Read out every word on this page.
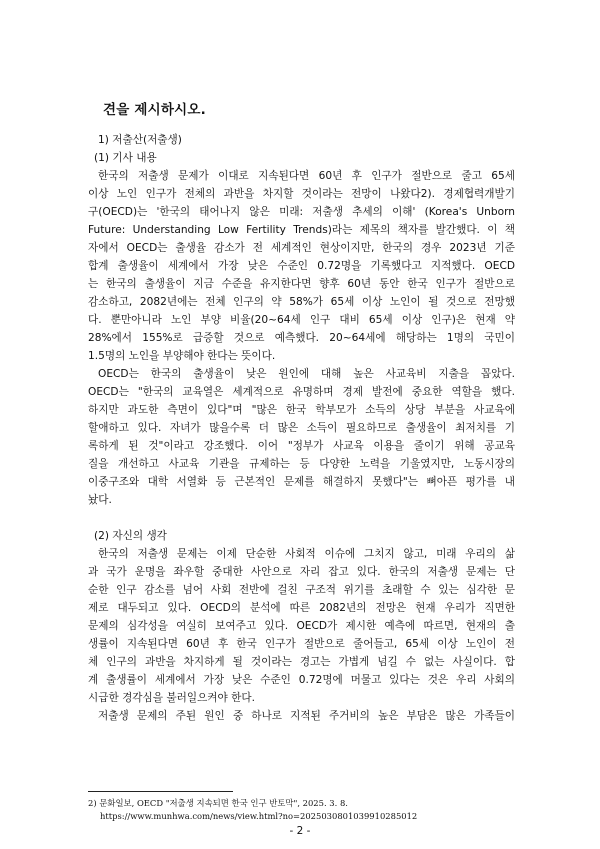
견을 제시하시오.
1) 저출산(저출생)
(1) 기사 내용
한국의 저출생 문제가 이대로 지속된다면 60년 후 인구가 절반으로 줄고 65세
이상 노인 인구가 전체의 과반을 차지할 것이라는 전망이 나왔다2). 경제협력개발기
구(OECD)는 '한국의 태어나지 않은 미래: 저출생 추세의 이해' (Korea's Unborn
Future: Understanding Low Fertility Trends)라는 제목의 책자를 발간했다. 이 책
자에서 OECD는 출생율 감소가 전 세계적인 현상이지만, 한국의 경우 2023년 기준
합계 출생율이 세계에서 가장 낮은 수준인 0.72명을 기록했다고 지적했다. OECD
는 한국의 출생율이 지금 수준을 유지한다면 향후 60년 동안 한국 인구가 절반으로
감소하고, 2082년에는 전체 인구의 약 58%가 65세 이상 노인이 될 것으로 전망했
다. 뿐만아니라 노인 부양 비율(20~64세 인구 대비 65세 이상 인구)은 현재 약
28%에서 155%로 급증할 것으로 예측했다. 20~64세에 해당하는 1명의 국민이
1.5명의 노인을 부양해야 한다는 뜻이다.
OECD는 한국의 출생율이 낮은 원인에 대해 높은 사교육비 지출을 꼽았다.
OECD는 "한국의 교육열은 세계적으로 유명하며 경제 발전에 중요한 역할을 했다.
하지만 과도한 측면이 있다"며 "많은 한국 학부모가 소득의 상당 부분을 사교육에
할애하고 있다. 자녀가 많을수록 더 많은 소득이 필요하므로 출생율이 최저치를 기
록하게 된 것"이라고 강조했다. 이어 "정부가 사교육 이용을 줄이기 위해 공교육
질을 개선하고 사교육 기관을 규제하는 등 다양한 노력을 기울였지만, 노동시장의
이중구조와 대학 서열화 등 근본적인 문제를 해결하지 못했다"는 뼈아픈 평가를 내
놨다.
(2) 자신의 생각
한국의 저출생 문제는 이제 단순한 사회적 이슈에 그치지 않고, 미래 우리의 삶
과 국가 운명을 좌우할 중대한 사안으로 자리 잡고 있다. 한국의 저출생 문제는 단
순한 인구 감소를 넘어 사회 전반에 걸친 구조적 위기를 초래할 수 있는 심각한 문
제로 대두되고 있다. OECD의 분석에 따른 2082년의 전망은 현재 우리가 직면한
문제의 심각성을 여실히 보여주고 있다. OECD가 제시한 예측에 따르면, 현재의 출
생률이 지속된다면 60년 후 한국 인구가 절반으로 줄어들고, 65세 이상 노인이 전
체 인구의 과반을 차지하게 될 것이라는 경고는 가볍게 넘길 수 없는 사실이다. 합
계 출생률이 세계에서 가장 낮은 수준인 0.72명에 머물고 있다는 것은 우리 사회의
시급한 경각심을 불러일으켜야 한다.
저출생 문제의 주된 원인 중 하나로 지적된 주거비의 높은 부담은 많은 가족들이
2) 문화일보, OECD "저출생 지속되면 한국 인구 반토막", 2025. 3. 8.
https://www.munhwa.com/news/view.html?no=2025030801039910285012
- 2 -
